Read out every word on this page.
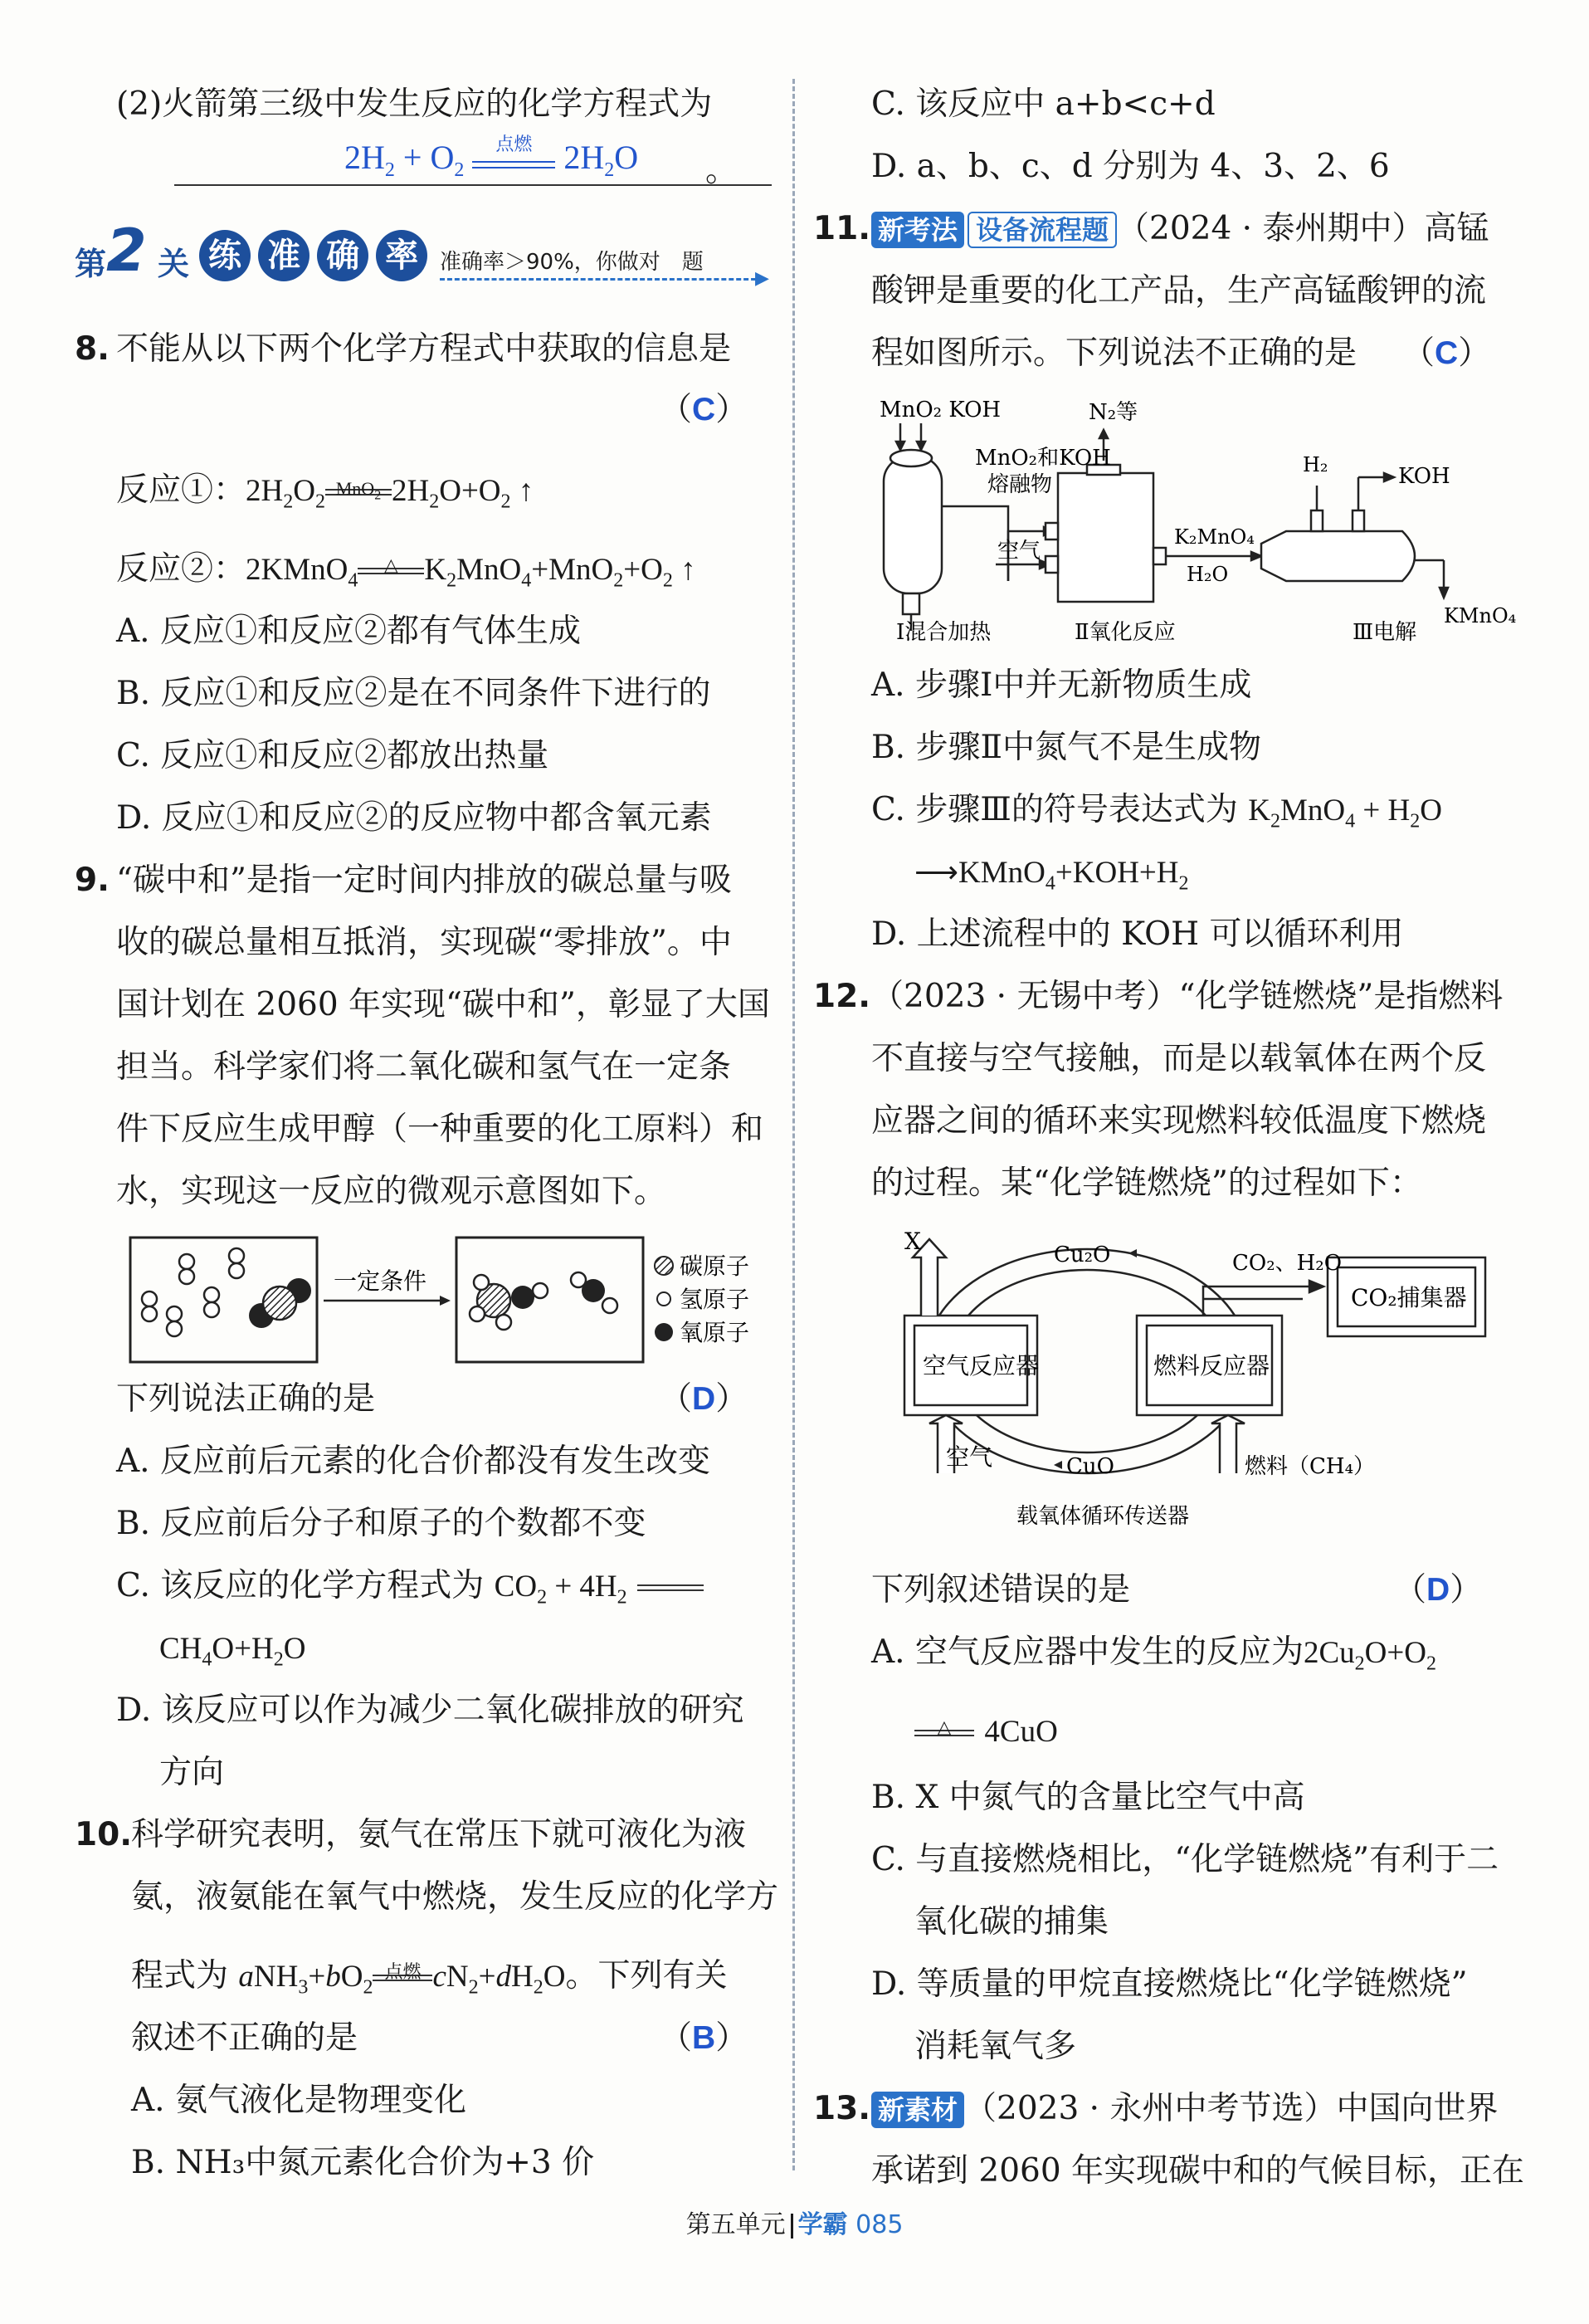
(2)火箭第三级中发生反应的化学方程式为
$2H_2 + O_2$
点燃 $2H_2O$ 。
第 2 关 练 准 确 率 准确率＞90%，你做对　题
▶
8. 不能从以下两个化学方程式中获取的信息是
（C）
反应①：$2H_2O_2$
MnO$_2$ $2H_2O+O_2$ ↑
反应②：2KMnO$_4$
△ $K_2MnO_4+MnO_2+O_2$ ↑
A. 反应①和反应②都有气体生成
B. 反应①和反应②是在不同条件下进行的
C. 反应①和反应②都放出热量
D. 反应①和反应②的反应物中都含氧元素
9. “碳中和”是指一定时间内排放的碳总量与吸
收的碳总量相互抵消，实现碳“零排放”。中
国计划在 2060 年实现“碳中和”，彰显了大国
担当。科学家们将二氧化碳和氢气在一定条
件下反应生成甲醇（一种重要的化工原料）和
水，实现这一反应的微观示意图如下。
一定条件
碳原子
氢原子
氧原子
下列说法正确的是	（D）
A. 反应前后元素的化合价都没有发生改变
B. 反应前后分子和原子的个数都不变
C. 该反应的化学方程式为 $CO_2 + 4H_2$
$CH_4O+H_2O$
D. 该反应可以作为减少二氧化碳排放的研究
方向
10.
科学研究表明，氨气在常压下就可液化为液
氨，液氨能在氧气中燃烧，发生反应的化学方
程式为 $aNH_3+bO_2$
点燃 $cN_2+dH_2O$。下列有关
叙述不正确的是	（B）
A. 氨气液化是物理变化
B. NH₃中氮元素化合价为+3 价
C. 该反应中 a+b<c+d
D. a、b、c、d 分别为 4、3、2、6
11. 新考法 设备流程题 （2024 · 泰州期中）高锰
酸钾是重要的化工产品，生产高锰酸钾的流
程如图所示。下列说法不正确的是 （C）
MnO₂ KOH
MnO₂和KOH
熔融物
N₂等
空气
K₂MnO₄
H₂O
H₂	KOH
KMnO₄
Ⅰ混合加热	Ⅱ氧化反应	Ⅲ电解
A. 步骤Ⅰ中并无新物质生成
B. 步骤Ⅱ中氮气不是生成物
C. 步骤Ⅲ的符号表达式为 $K_2MnO_4 + H_2O$
$⟶KMnO_4+KOH+H_2$
D. 上述流程中的 KOH 可以循环利用
12. （2023 · 无锡中考）“化学链燃烧”是指燃料
不直接与空气接触，而是以载氧体在两个反
应器之间的循环来实现燃料较低温度下燃烧
的过程。某“化学链燃烧”的过程如下：
X	Cu₂O	CO₂、H₂O
CO₂捕集器
空气反应器	燃料反应器
空气	CuO	燃料（CH₄）
载氧体循环传送器
下列叙述错误的是	（D）
A. 空气反应器中发生的反应为$2Cu_2O+O_2$
△	4CuO
B. X 中氮气的含量比空气中高
C. 与直接燃烧相比，“化学链燃烧”有利于二
氧化碳的捕集
D. 等质量的甲烷直接燃烧比“化学链燃烧”
消耗氧气多
13. 新素材 （2023 · 永州中考节选）中国向世界
承诺到 2060 年实现碳中和的气候目标，正在
第五单元 学霸 085
